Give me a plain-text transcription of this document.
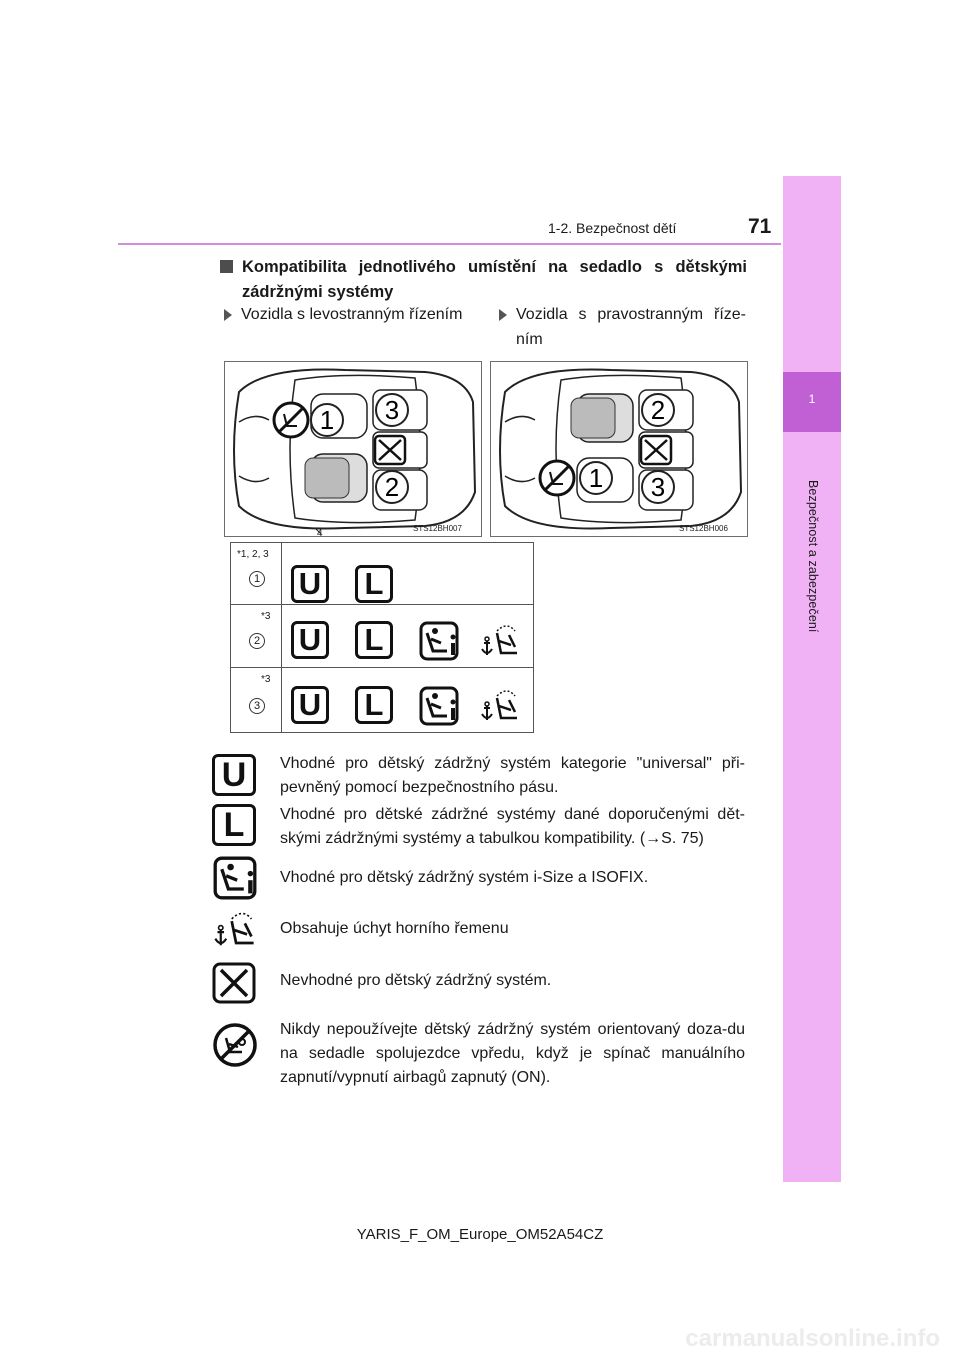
1-2. Bezpečnost dětí	71
1
Bezpečnost a zabezpečení
Kompatibilita jednotlivého umístění na sedadlo s dětskými zádržnými systémy
Vozidla s levostranným řízením	Vozidla s pravostranným říze-ním
1 3
2
STS12BH007
4
2
1 3
STS12BH006
*1, 2, 3
1 U	L
*3
2 U	L
*3
3 U	L
U	Vhodné pro dětský zádržný systém kategorie "universal" při-pevněný pomocí bezpečnostního pásu.
L	Vhodné pro dětské zádržné systémy dané doporučenými dět-skými zádržnými systémy a tabulkou kompatibility. (→S. 75)
Vhodné pro dětský zádržný systém i-Size a ISOFIX.
Obsahuje úchyt horního řemenu
Nevhodné pro dětský zádržný systém.
Nikdy nepoužívejte dětský zádržný systém orientovaný doza-du na sedadle spolujezdce vpředu, když je spínač manuálního zapnutí/vypnutí airbagů zapnutý (ON).
YARIS_F_OM_Europe_OM52A54CZ
carmanualsonline.info
